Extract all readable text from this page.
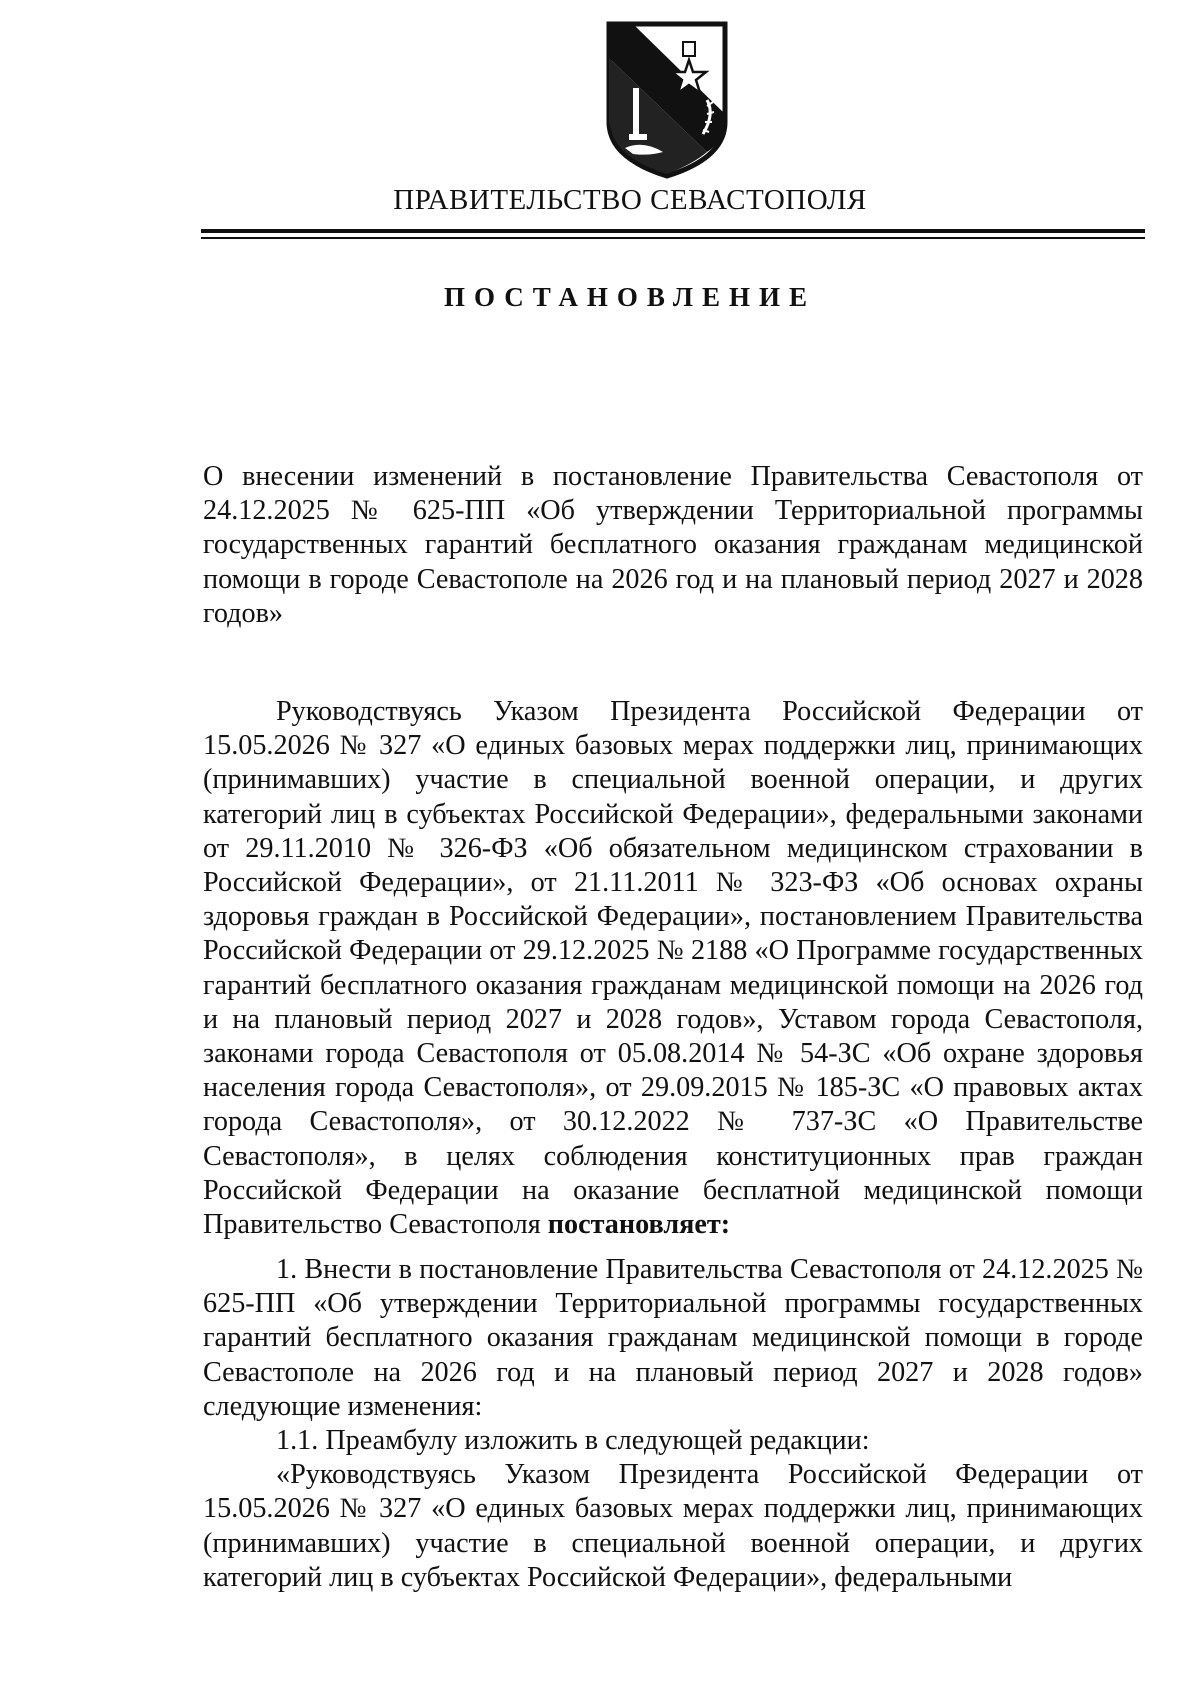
ПРАВИТЕЛЬСТВО СЕВАСТОПОЛЯ
ПОСТАНОВЛЕНИЕ
О внесении изменений в постановление Правительства Севастополя от 24.12.2025 № 625-ПП «Об утверждении Территориальной программы государственных гарантий бесплатного оказания гражданам медицинской помощи в городе Севастополе на 2026 год и на плановый период 2027 и 2028 годов»

Руководствуясь Указом Президента Российской Федерации от 15.05.2026 № 327 «О единых базовых мерах поддержки лиц, принимающих (принимавших) участие в специальной военной операции, и других категорий лиц в субъектах Российской Федерации», федеральными законами от 29.11.2010 № 326-ФЗ «Об обязательном медицинском страховании в Российской Федерации», от 21.11.2011 № 323-ФЗ «Об основах охраны здоровья граждан в Российской Федерации», постановлением Правительства Российской Федерации от 29.12.2025 № 2188 «О Программе государственных гарантий бесплатного оказания гражданам медицинской помощи на 2026 год и на плановый период 2027 и 2028 годов», Уставом города Севастополя, законами города Севастополя от 05.08.2014 № 54-ЗС «Об охране здоровья населения города Севастополя», от 29.09.2015 № 185-ЗС «О правовых актах города Севастополя», от 30.12.2022 № 737-ЗС «О Правительстве Севастополя», в целях соблюдения конституционных прав граждан Российской Федерации на оказание бесплатной медицинской помощи Правительство Севастополя постановляет:

1. Внести в постановление Правительства Севастополя от 24.12.2025 № 625-ПП «Об утверждении Территориальной программы государственных гарантий бесплатного оказания гражданам медицинской помощи в городе Севастополе на 2026 год и на плановый период 2027 и 2028 годов» следующие изменения:

1.1. Преамбулу изложить в следующей редакции:

«Руководствуясь Указом Президента Российской Федерации от 15.05.2026 № 327 «О единых базовых мерах поддержки лиц, принимающих (принимавших) участие в специальной военной операции, и других категорий лиц в субъектах Российской Федерации», федеральными
